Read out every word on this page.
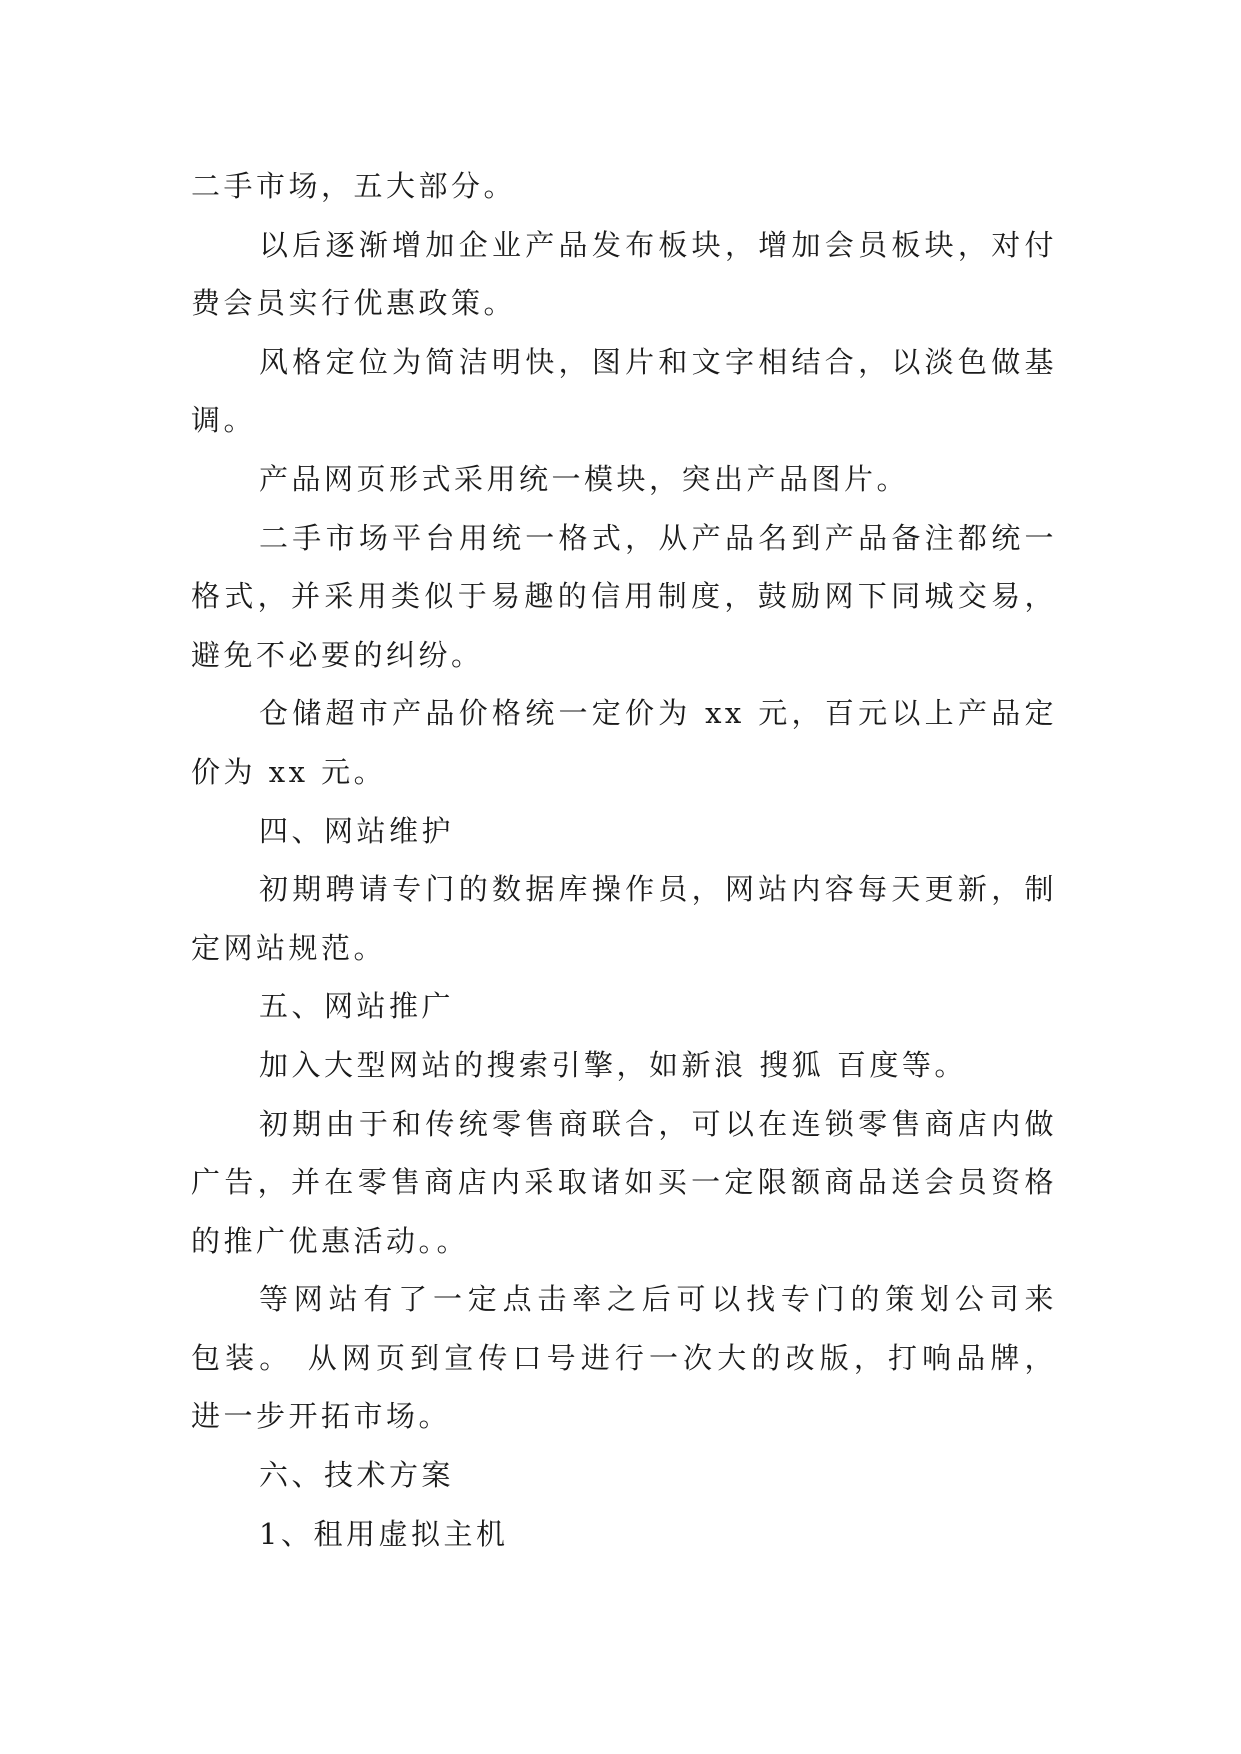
二手市场，五大部分。
以后逐渐增加企业产品发布板块，增加会员板块，对付
费会员实行优惠政策。
风格定位为简洁明快，图片和文字相结合，以淡色做基
调。
产品网页形式采用统一模块，突出产品图片。
二手市场平台用统一格式，从产品名到产品备注都统一
格式，并采用类似于易趣的信用制度，鼓励网下同城交易，
避免不必要的纠纷。
仓储超市产品价格统一定价为 xx 元，百元以上产品定
价为 xx 元。
四、网站维护
初期聘请专门的数据库操作员，网站内容每天更新，制
定网站规范。
五、网站推广
加入大型网站的搜索引擎，如新浪 搜狐 百度等。
初期由于和传统零售商联合，可以在连锁零售商店内做
广告，并在零售商店内采取诸如买一定限额商品送会员资格
的推广优惠活动。。
等网站有了一定点击率之后可以找专门的策划公司来
包装。 从网页到宣传口号进行一次大的改版，打响品牌，
进一步开拓市场。
六、技术方案
1、租用虚拟主机
